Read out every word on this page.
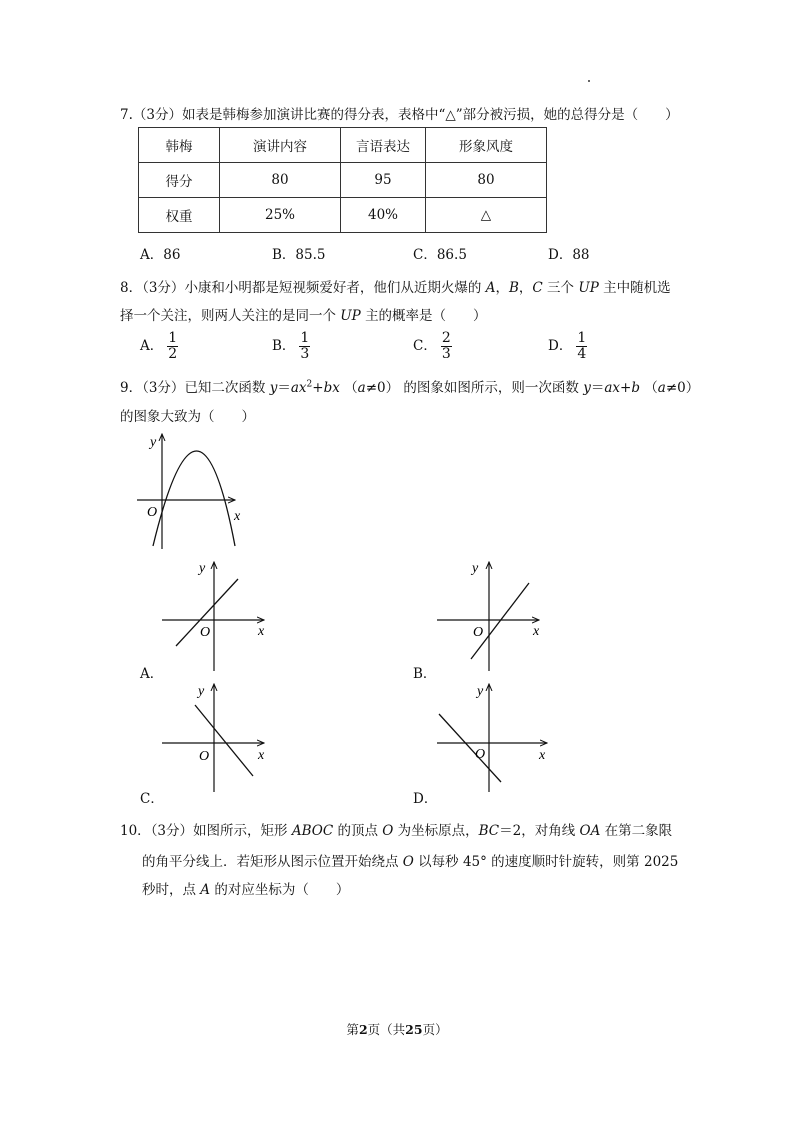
7.（3分）如表是韩梅参加演讲比赛的得分表，表格中“△”部分被污损，她的总得分是（　　）
韩梅	演讲内容	言语表达	形象风度
得分	80	95	80
权重	25%	40%	△
A．86	B．85.5	C．86.5	D．88
8．（3分）小康和小明都是短视频爱好者，他们从近期火爆的 A，B，C 三个 UP 主中随机选
择一个关注，则两人关注的是同一个 UP 主的概率是（　　）
A． $\frac{1}{2}$	B． $\frac{1}{3}$	C． $\frac{2}{3}$	D． $\frac{1}{4}$
9．（3分）已知二次函数 $y=ax^2+bx$ （a≠0） 的图象如图所示，则一次函数 y＝ax+b （a≠0）
的图象大致为（　　）
y
x
O
y
x
O
A．
y
x
O
B．
y
x
O
C．
y
x
O
D．
10．（3分）如图所示，矩形 ABOC 的顶点 O 为坐标原点，BC＝2，对角线 OA 在第二象限
的角平分线上．若矩形从图示位置开始绕点 O 以每秒 45° 的速度顺时针旋转，则第 2025
秒时，点 A 的对应坐标为（　　）
第2页（共25页）
